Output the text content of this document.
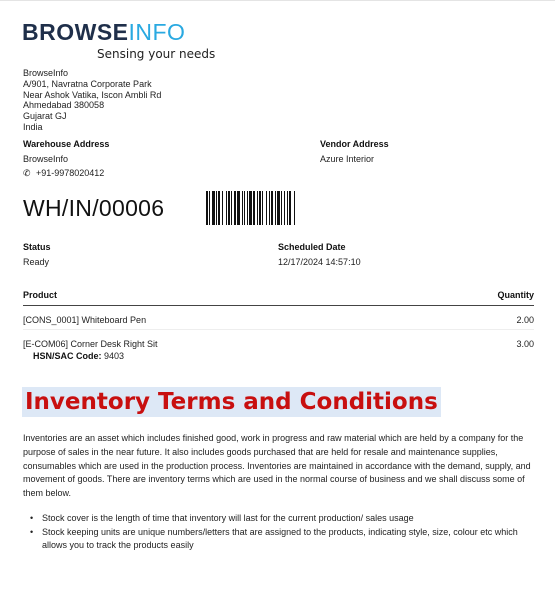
BROWSEINFO
Sensing your needs
BrowseInfo
A/901, Navratna Corporate Park
Near Ashok Vatika, Iscon Ambli Rd
Ahmedabad 380058
Gujarat GJ
India
Warehouse Address
BrowseInfo
✆ +91-9978020412
Vendor Address
Azure Interior
WH/IN/00006
Status
Ready
Scheduled Date
12/17/2024 14:57:10
Product	Quantity
[CONS_0001] Whiteboard Pen	2.00
[E-COM06] Corner Desk Right Sit	3.00
HSN/SAC Code: 9403
Inventory Terms and Conditions
Inventories are an asset which includes finished good, work in progress and raw material which are held by a company for the purpose of sales in the near future. It also includes goods purchased that are held for resale and maintenance supplies, consumables which are used in the production process. Inventories are maintained in accordance with the demand, supply, and movement of goods. There are inventory terms which are used in the normal course of business and we shall discuss some of them below.
• Stock cover is the length of time that inventory will last for the current production/ sales usage
• Stock keeping units are unique numbers/letters that are assigned to the products, indicating style, size, colour etc which allows you to track the products easily
